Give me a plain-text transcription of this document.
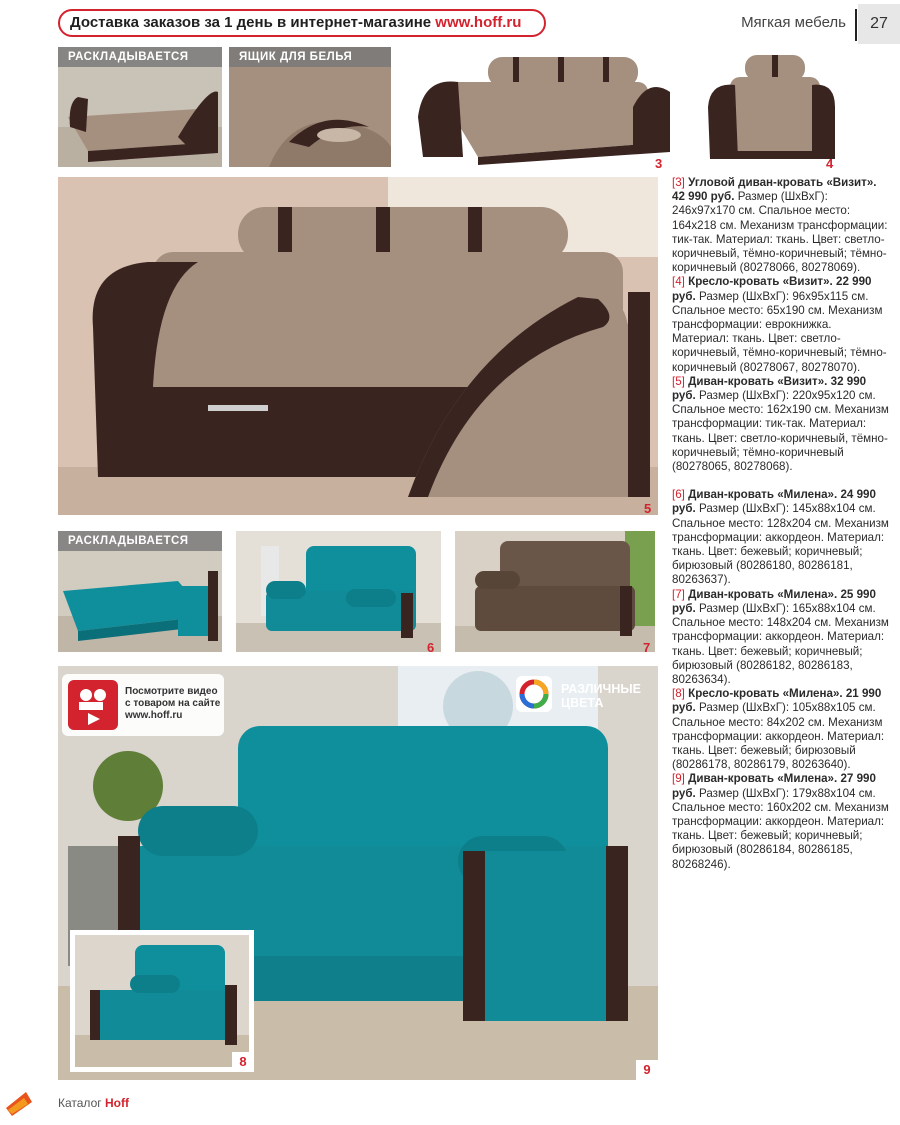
Доставка заказов за 1 день в интернет-магазине www.hoff.ru	Мягкая мебель	27
РАСКЛАДЫВАЕТСЯ	ЯЩИК ДЛЯ БЕЛЬЯ
3	4
5
РАСКЛАДЫВАЕТСЯ
6	7
Посмотрите видео
с товаром на сайте
www.hoff.ru
РАЗЛИЧНЫЕ
ЦВЕТА
8
9

[3] Угловой диван-кровать «Визит». 42 990 руб. Размер (ШхВхГ): 246х97х170 см. Спальное место: 164х218 см. Механизм трансформации: тик-так. Материал: ткань. Цвет: светло-коричневый, тёмно-коричневый; тёмно-коричневый (80278066, 80278069).

[4] Кресло-кровать «Визит». 22 990 руб. Размер (ШхВхГ): 96х95х115 см. Спальное место: 65х190 см. Механизм трансформации: еврокнижка. Материал: ткань. Цвет: светло-коричневый, тёмно-коричневый; тёмно-коричневый (80278067, 80278070).

[5] Диван-кровать «Визит». 32 990 руб. Размер (ШхВхГ): 220х95х120 см. Спальное место: 162х190 см. Механизм трансформации: тик-так. Материал: ткань. Цвет: светло-коричневый, тёмно-коричневый; тёмно-коричневый (80278065, 80278068).

[6] Диван-кровать «Милена». 24 990 руб. Размер (ШхВхГ): 145х88х104 см. Спальное место: 128х204 см. Механизм трансформации: аккордеон. Материал: ткань. Цвет: бежевый; коричневый; бирюзовый (80286180, 80286181, 80263637).

[7] Диван-кровать «Милена». 25 990 руб. Размер (ШхВхГ): 165х88х104 см. Спальное место: 148х204 см. Механизм трансформации: аккордеон. Материал: ткань. Цвет: бежевый; коричневый; бирюзовый (80286182, 80286183, 80263634).

[8] Кресло-кровать «Милена». 21 990 руб. Размер (ШхВхГ): 105х88х105 см. Спальное место: 84х202 см. Механизм трансформации: аккордеон. Материал: ткань. Цвет: бежевый; бирюзовый (80286178, 80286179, 80263640).

[9] Диван-кровать «Милена». 27 990 руб. Размер (ШхВхГ): 179х88х104 см. Спальное место: 160х202 см. Механизм трансформации: аккордеон. Материал: ткань. Цвет: бежевый; коричневый; бирюзовый (80286184, 80286185, 80268246).

Каталог Hoff
